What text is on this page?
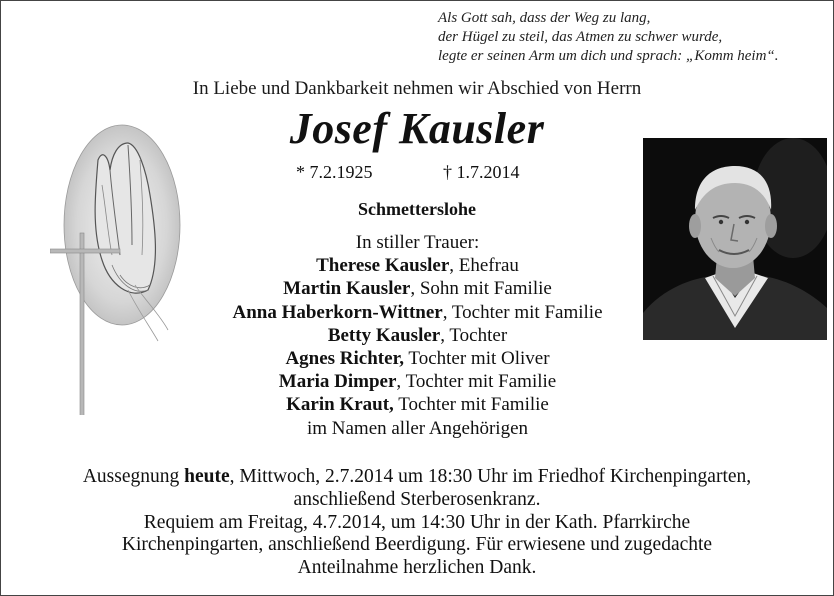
Als Gott sah, dass der Weg zu lang,
der Hügel zu steil, das Atmen zu schwer wurde,
legte er seinen Arm um dich und sprach: „Komm heim“.
In Liebe und Dankbarkeit nehmen wir Abschied von Herrn
Josef Kausler
* 7.2.1925	† 1.7.2014
Schmetterslohe
In stiller Trauer:
Therese Kausler, Ehefrau
Martin Kausler, Sohn mit Familie
Anna Haberkorn-Wittner, Tochter mit Familie
Betty Kausler, Tochter
Agnes Richter, Tochter mit Oliver
Maria Dimper, Tochter mit Familie
Karin Kraut, Tochter mit Familie
im Namen aller Angehörigen
Aussegnung heute, Mittwoch, 2.7.2014 um 18:30 Uhr im Friedhof Kirchenpingarten,
anschließend Sterberosenkranz.
Requiem am Freitag, 4.7.2014, um 14:30 Uhr in der Kath. Pfarrkirche
Kirchenpingarten, anschließend Beerdigung. Für erwiesene und zugedachte
Anteilnahme herzlichen Dank.
